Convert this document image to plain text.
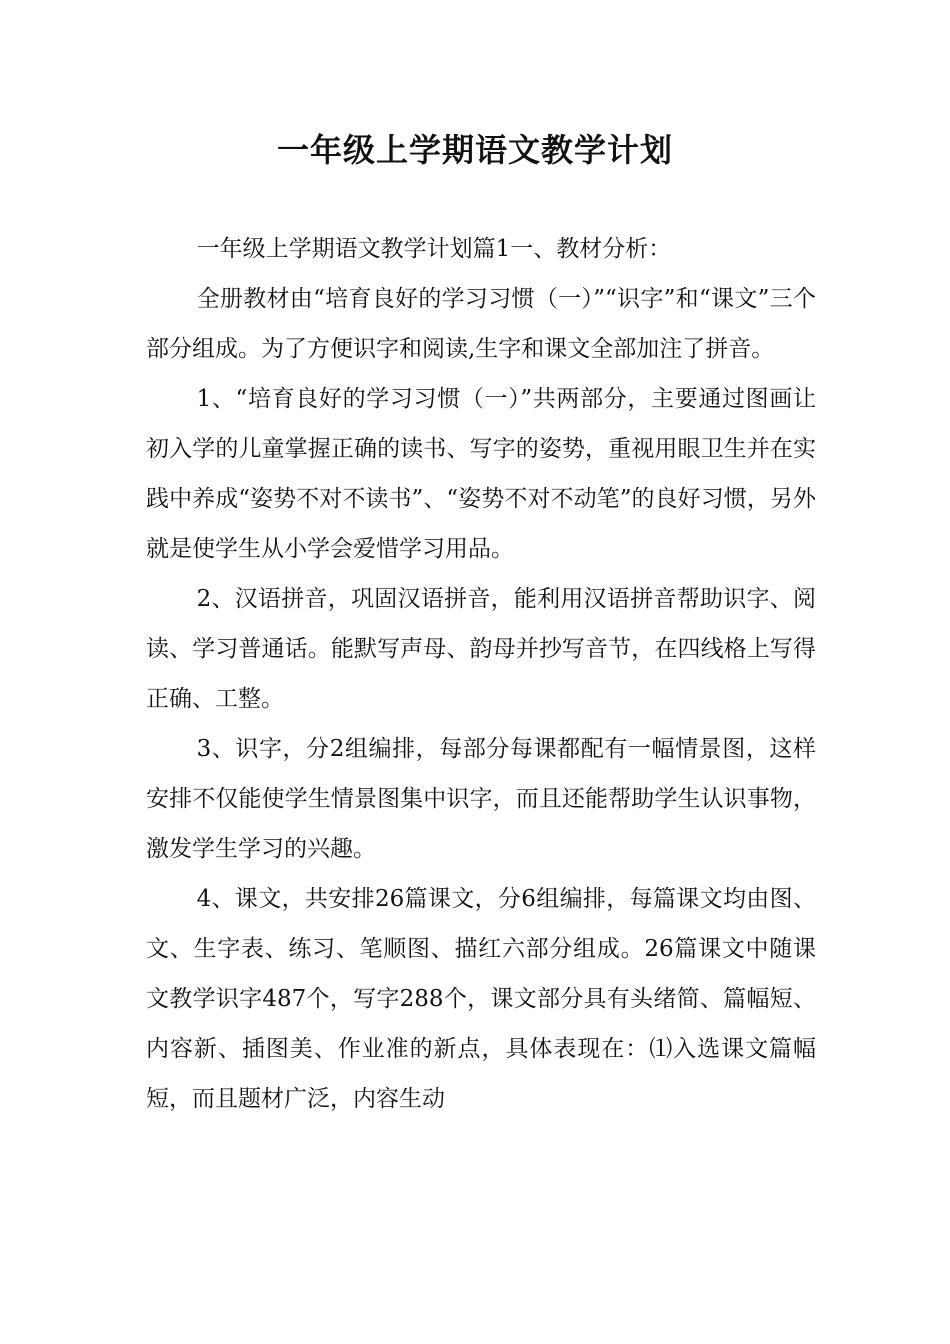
一年级上学期语文教学计划

一年级上学期语文教学计划篇1一、教材分析：

全册教材由“培育良好的学习习惯（一）”“识字”和“课文”三个部分组成。为了方便识字和阅读,生字和课文全部加注了拼音。

1、“培育良好的学习习惯（一）”共两部分，主要通过图画让初入学的儿童掌握正确的读书、写字的姿势，重视用眼卫生并在实践中养成“姿势不对不读书”、“姿势不对不动笔”的良好习惯，另外就是使学生从小学会爱惜学习用品。

2、汉语拼音，巩固汉语拼音，能利用汉语拼音帮助识字、阅读、学习普通话。能默写声母、韵母并抄写音节，在四线格上写得正确、工整。

3、识字，分2组编排，每部分每课都配有一幅情景图，这样安排不仅能使学生情景图集中识字，而且还能帮助学生认识事物，激发学生学习的兴趣。

4、课文，共安排26篇课文，分6组编排，每篇课文均由图、文、生字表、练习、笔顺图、描红六部分组成。26篇课文中随课文教学识字487个，写字288个，课文部分具有头绪简、篇幅短、内容新、插图美、作业准的新点，具体表现在：⑴入选课文篇幅短，而且题材广泛，内容生动
